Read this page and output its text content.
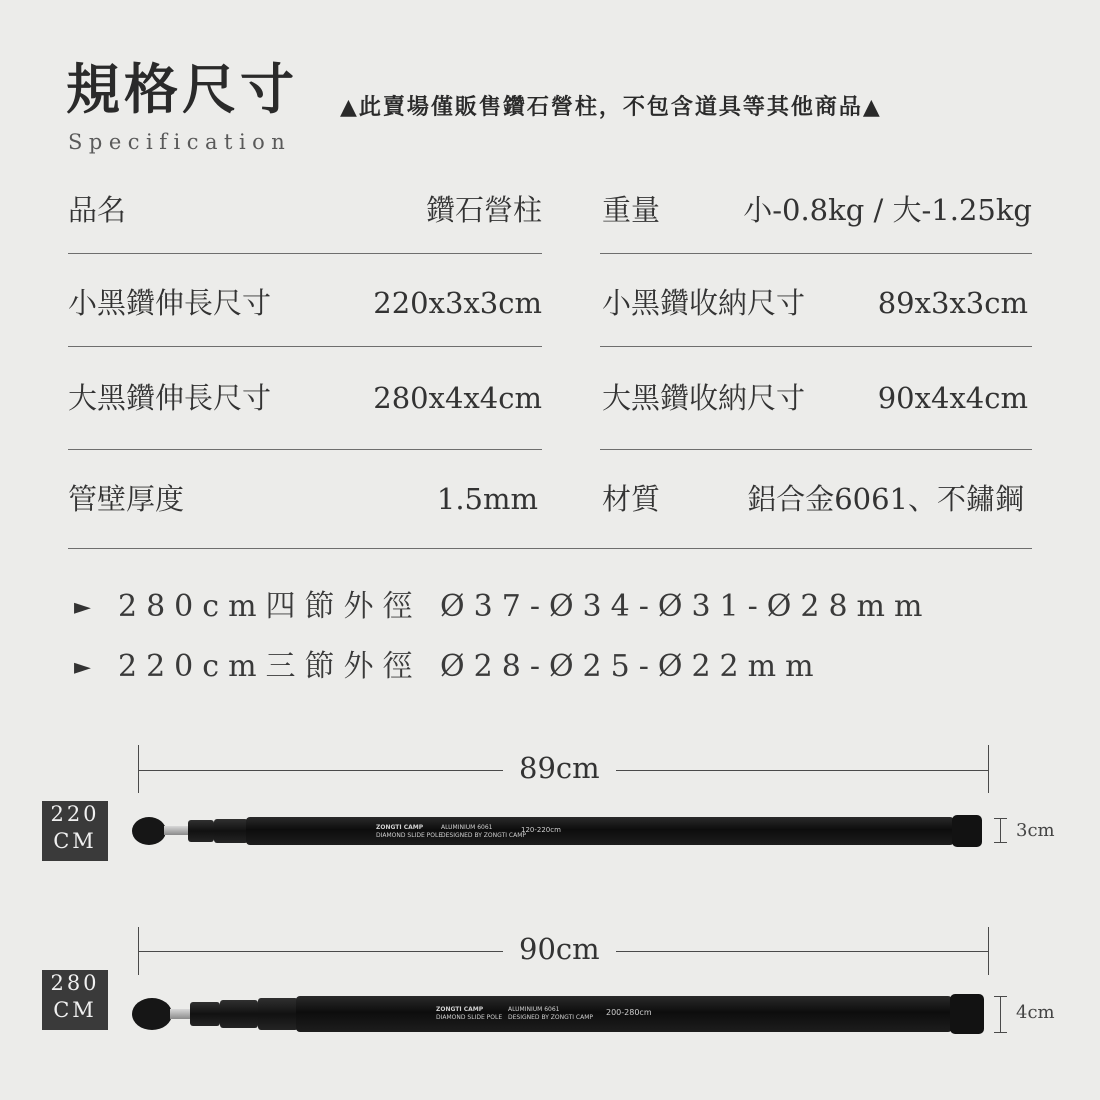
規格尺寸
Specification
▲此賣場僅販售鑽石營柱，不包含道具等其他商品▲
品名	鑽石營柱 重量	小-0.8kg / 大-1.25kg
小黑鑽伸長尺寸	220x3x3cm 小黑鑽收納尺寸	89x3x3cm
大黑鑽伸長尺寸	280x4x4cm 大黑鑽收納尺寸	90x4x4cm
管壁厚度	1.5mm 材質	鋁合金6061、不鏽鋼
► 280cm四節外徑 Ø37-Ø34-Ø31-Ø28mm
► 220cm三節外徑 Ø28-Ø25-Ø22mm
89cm
220
CM
ZONGTI CAMP
DIAMOND SLIDE POLE
ALUMINIUM 6061
DESIGNED BY ZONGTI CAMP
120-220cm	3cm
90cm
280
CM	ZONGTI CAMP
DIAMOND SLIDE POLE
ALUMINIUM 6061
DESIGNED BY ZONGTI CAMP
200-280cm	4cm
